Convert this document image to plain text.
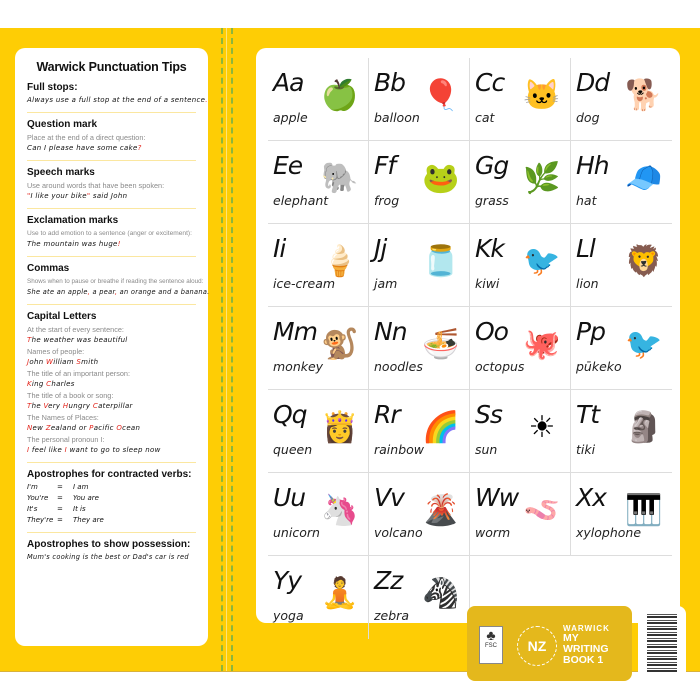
Warwick Punctuation Tips
Full stops:
Always use a full stop at the end of a sentence.
Question mark
Place at the end of a direct question:
Can I please have some cake?
Speech marks
Use around words that have been spoken:
"I like your bike" said John
Exclamation marks
Use to add emotion to a sentence (anger or excitement):
The mountain was huge!
Commas
Shows when to pause or breathe if reading the sentence aloud:
She ate an apple, a pear, an orange and a banana.
Capital Letters
At the start of every sentence:
The weather was beautiful
Names of people:
John William Smith
The title of an important person:
King Charles
The title of a book or song:
The Very Hungry Caterpillar
The Names of Places:
New Zealand or Pacific Ocean
The personal pronoun I:
I feel like I want to go to sleep now
Apostrophes for contracted verbs:
I'm	=	I am
You're	=	You are
It's	=	It is
They're =	They are
Apostrophes to show possession:
Mum's cooking is the best or Dad's car is red
Aa
apple
🍏 Bb
balloon
🎈 Cc
cat
🐱 Dd
dog
🐕
Ee
elephant
🐘 Ff
frog
🐸 Gg
grass
🌿 Hh
hat
🧢
Ii
ice-cream
🍦 Jj
jam
🫙 Kk
kiwi
🐦 Ll
lion
🦁
Mm
monkey
🐒 Nn
noodles
🍜 Oo
octopus
🐙 Pp
pūkeko
🐦
Qq
queen
👸 Rr
rainbow
🌈 Ss
sun
☀ Tt
tiki
🗿
Uu
unicorn
🦄 Vv
volcano
🌋 Ww
worm
🪱 Xx
xylophone
🎹
Yy
yoga
🧘 Zz
zebra
🦓
♣
FSC	NZ
WARWICK
MY
WRITING
BOOK 1
